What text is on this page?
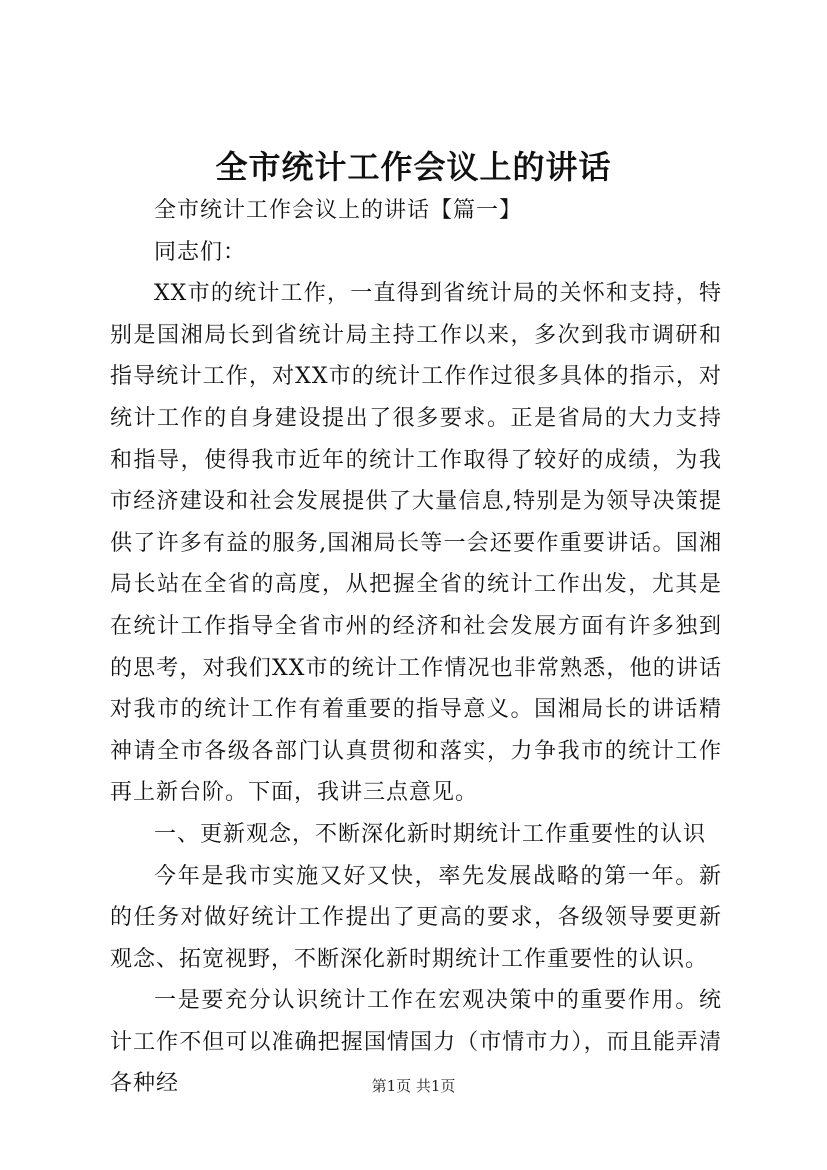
全市统计工作会议上的讲话

全市统计工作会议上的讲话【篇一】

同志们：

XX市的统计工作，一直得到省统计局的关怀和支持，特别是国湘局长到省统计局主持工作以来，多次到我市调研和指导统计工作，对XX市的统计工作作过很多具体的指示，对统计工作的自身建设提出了很多要求。正是省局的大力支持和指导，使得我市近年的统计工作取得了较好的成绩，为我市经济建设和社会发展提供了大量信息,特别是为领导决策提供了许多有益的服务,国湘局长等一会还要作重要讲话。国湘局长站在全省的高度，从把握全省的统计工作出发，尤其是在统计工作指导全省市州的经济和社会发展方面有许多独到的思考，对我们XX市的统计工作情况也非常熟悉，他的讲话对我市的统计工作有着重要的指导意义。国湘局长的讲话精神请全市各级各部门认真贯彻和落实，力争我市的统计工作再上新台阶。下面，我讲三点意见。

一、更新观念，不断深化新时期统计工作重要性的认识

今年是我市实施又好又快，率先发展战略的第一年。新的任务对做好统计工作提出了更高的要求，各级领导要更新观念、拓宽视野，不断深化新时期统计工作重要性的认识。

一是要充分认识统计工作在宏观决策中的重要作用。统计工作不但可以准确把握国情国力（市情市力），而且能弄清各种经	第1页 共1页
